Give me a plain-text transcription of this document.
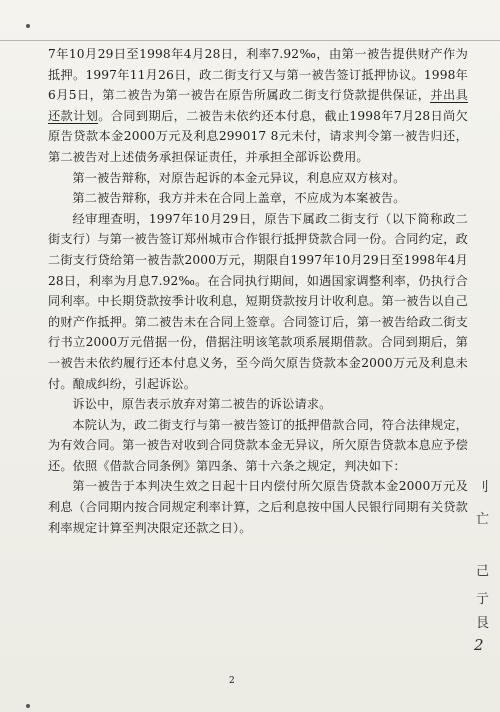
7年10月29日至1998年4月28日，利率7.92‰，由第一被告提供财产作为抵押。1997年11月26日，政二街支行又与第一被告签订抵押协议。1998年6月5日，第二被告为第一被告在原告所属政二街支行贷款提供保证，并出具还款计划。合同到期后，二被告未依约还本付息，截止1998年7月28日尚欠原告贷款本金2000万元及利息299017 8元未付，请求判令第一被告归还，第二被告对上述债务承担保证责任，并承担全部诉讼费用。

第一被告辩称，对原告起诉的本金元异议，利息应双方核对。

第二被告辩称，我方并未在合同上盖章，不应成为本案被告。

经审理查明，1997年10月29日，原告下属政二街支行（以下简称政二街支行）与第一被告签订郑州城市合作银行抵押贷款合同一份。合同约定，政二街支行贷给第一被告款2000万元，期限自1997年10月29日至1998年4月28日，利率为月息7.92‰。在合同执行期间，如遇国家调整利率，仍执行合同利率。中长期贷款按季计收利息，短期贷款按月计收利息。第一被告以自己的财产作抵押。第二被告未在合同上签章。合同签订后，第一被告给政二街支行书立2000万元借据一份，借据注明该笔款项系展期借款。合同到期后，第一被告未依约履行还本付息义务，至今尚欠原告贷款本金2000万元及利息未付。酿成纠纷，引起诉讼。

诉讼中，原告表示放弃对第二被告的诉讼请求。

本院认为，政二街支行与第一被告签订的抵押借款合同，符合法律规定，为有效合同。第一被告对收到合同贷款本金无异议，所欠原告贷款本息应予偿还。依照《借款合同条例》第四条、第十六条之规定，判决如下：

第一被告于本判决生效之日起十日内偿付所欠原告贷款本金2000万元及利息（合同期内按合同规定利率计算，之后利息按中国人民银行同期有关贷款利率规定计算至判决限定还款之日）。

2
刂
亡
己
亍
艮
2
